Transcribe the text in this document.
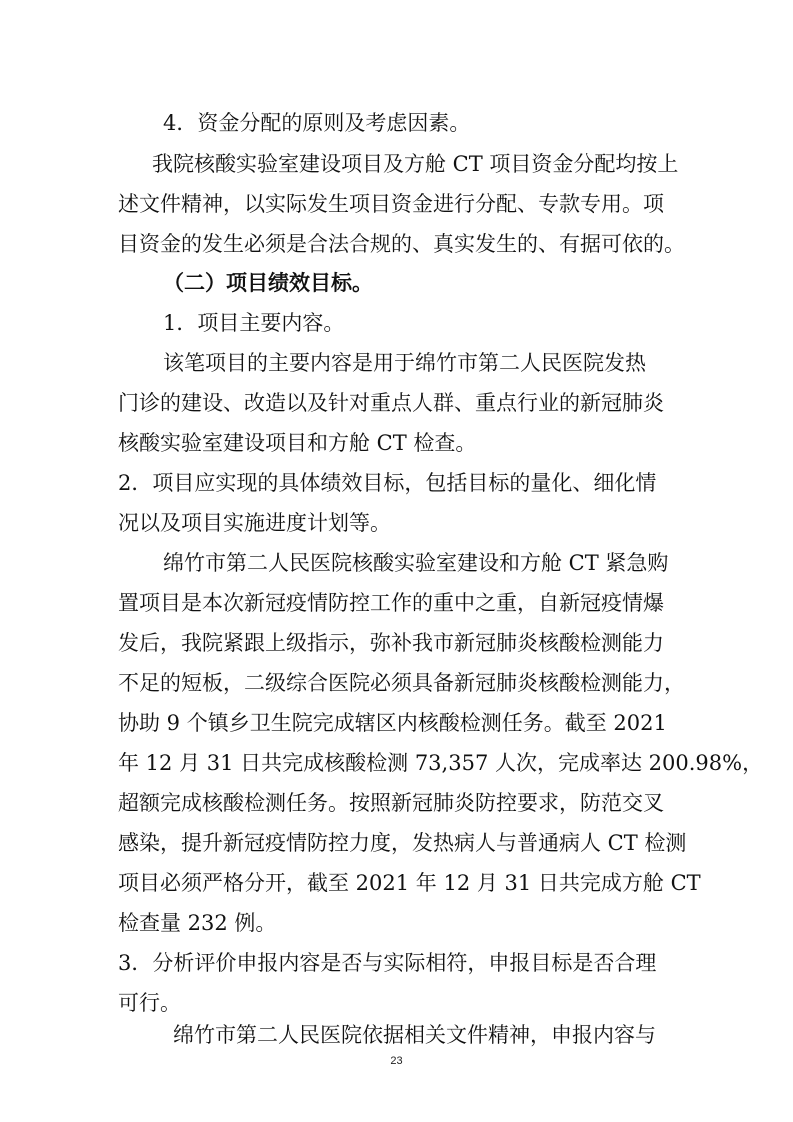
4．资金分配的原则及考虑因素。
我院核酸实验室建设项目及方舱 CT 项目资金分配均按上
述文件精神，以实际发生项目资金进行分配、专款专用。项
目资金的发生必须是合法合规的、真实发生的、有据可依的。
（二）项目绩效目标。
1．项目主要内容。
该笔项目的主要内容是用于绵竹市第二人民医院发热
门诊的建设、改造以及针对重点人群、重点行业的新冠肺炎
核酸实验室建设项目和方舱 CT 检查。
2．项目应实现的具体绩效目标，包括目标的量化、细化情
况以及项目实施进度计划等。
绵竹市第二人民医院核酸实验室建设和方舱 CT 紧急购
置项目是本次新冠疫情防控工作的重中之重，自新冠疫情爆
发后，我院紧跟上级指示，弥补我市新冠肺炎核酸检测能力
不足的短板，二级综合医院必须具备新冠肺炎核酸检测能力，
协助 9 个镇乡卫生院完成辖区内核酸检测任务。截至 2021
年 12 月 31 日共完成核酸检测 73,357 人次，完成率达 200.98%，
超额完成核酸检测任务。按照新冠肺炎防控要求，防范交叉
感染，提升新冠疫情防控力度，发热病人与普通病人 CT 检测
项目必须严格分开，截至 2021 年 12 月 31 日共完成方舱 CT
检查量 232 例。
3．分析评价申报内容是否与实际相符，申报目标是否合理
可行。
绵竹市第二人民医院依据相关文件精神，申报内容与
23
